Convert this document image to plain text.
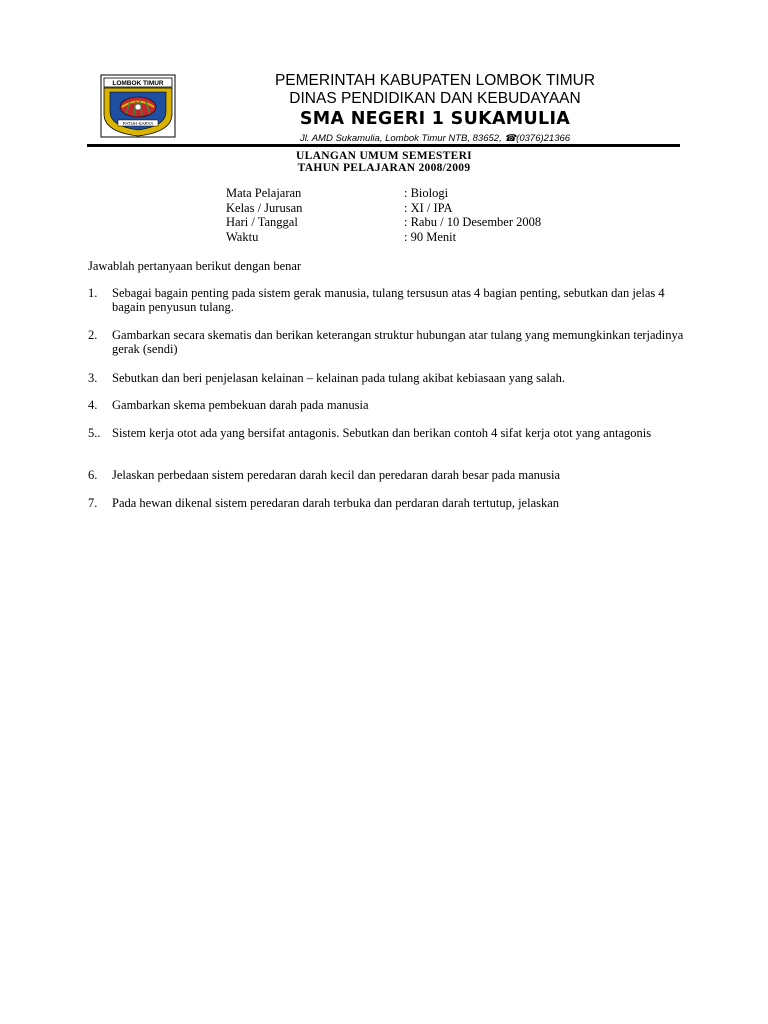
LOMBOK TIMUR
PATUH KARYA
PEMERINTAH KABUPATEN LOMBOK TIMUR
DINAS PENDIDIKAN DAN KEBUDAYAAN
SMA NEGERI 1 SUKAMULIA
Jl. AMD Sukamulia, Lombok Timur NTB, 83652, ☎(0376)21366
ULANGAN UMUM SEMESTERI
TAHUN PELAJARAN 2008/2009
Mata Pelajaran	: Biologi
Kelas / Jurusan	: XI / IPA
Hari / Tanggal	: Rabu / 10 Desember 2008
Waktu	: 90 Menit
Jawablah pertanyaan berikut dengan benar
1.	Sebagai bagain penting pada sistem gerak manusia, tulang tersusun atas 4 bagian penting, sebutkan dan jelas 4 bagain penyusun tulang.
2.	Gambarkan secara skematis dan berikan keterangan struktur hubungan atar tulang yang memungkinkan terjadinya gerak (sendi)
3.	Sebutkan dan beri penjelasan kelainan – kelainan pada tulang akibat kebiasaan yang salah.
4.	Gambarkan skema pembekuan darah pada manusia
5.. Sistem kerja otot ada yang bersifat antagonis. Sebutkan dan berikan contoh 4 sifat kerja otot yang antagonis
6.	Jelaskan perbedaan sistem peredaran darah kecil dan peredaran darah besar pada manusia
7.	Pada hewan dikenal sistem peredaran darah terbuka dan perdaran darah tertutup, jelaskan
